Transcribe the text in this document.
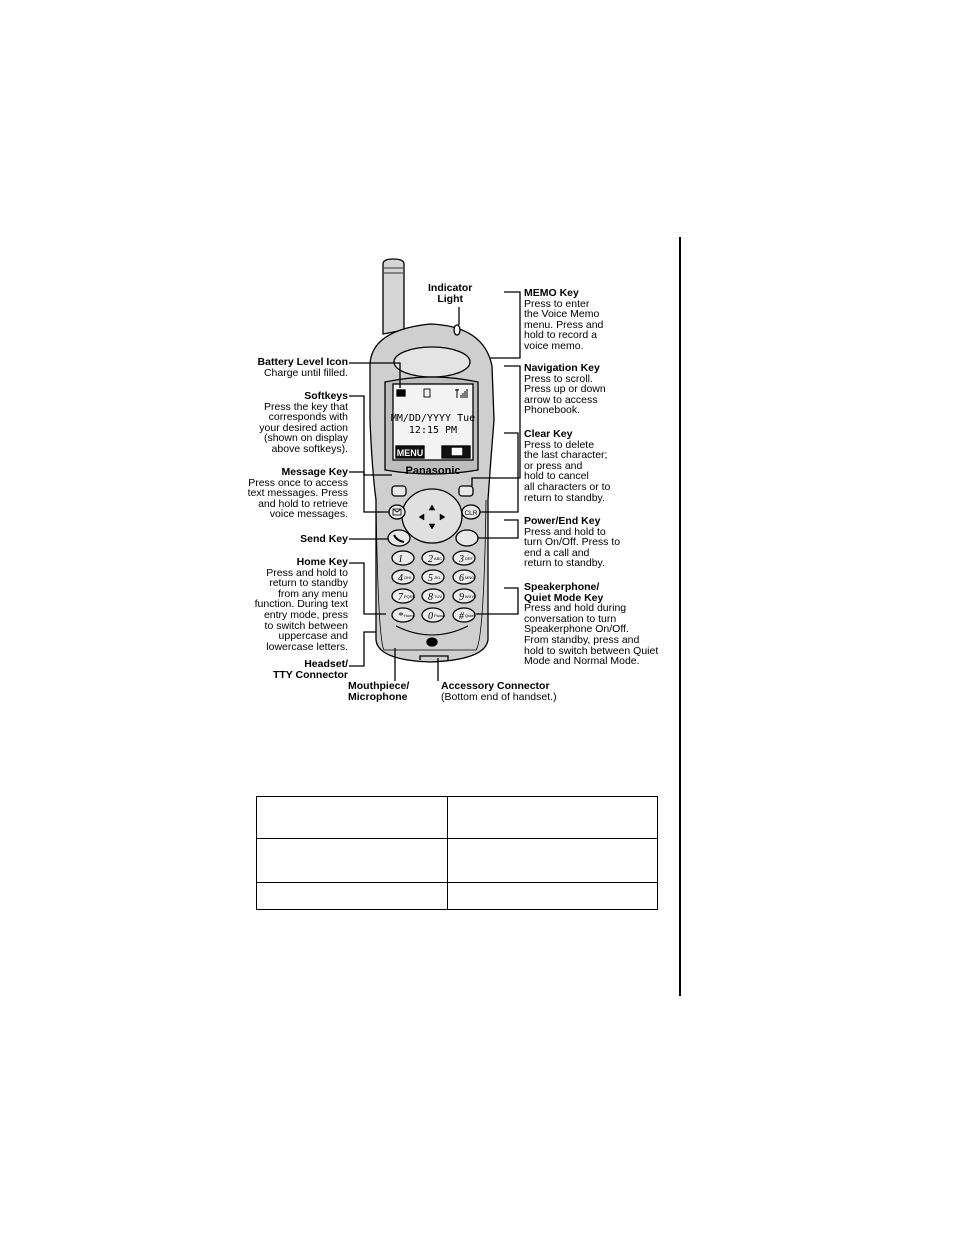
MM/DD/YYYY Tue
12:15 PM
MENU
Panasonic
CLR
1	2 ABC 3 DEF
4 GHI 5 JKL 6 MNO
7 PQRS 8 TUV 9 WXYZ
* Home 0 Pause # Quiet
Indicator
Light	MEMO Key
Press to enter
the Voice Memo
menu. Press and
hold to record a
voice memo.
Battery Level Icon
Charge until filled.
Softkeys
Press the key that
corresponds with
your desired action
(shown on display
above softkeys).
Navigation Key
Press to scroll.
Press up or down
arrow to access
Phonebook.
Clear Key
Press to delete
the last character;
or press and
hold to cancel
all characters or to
return to standby.
Message Key
Press once to access
text messages. Press
and hold to retrieve
voice messages.
Send Key
Power/End Key
Press and hold to
turn On/Off. Press to
end a call and
return to standby.
Home Key
Press and hold to
return to standby
from any menu
function. During text
entry mode, press
to switch between
uppercase and
lowercase letters.
Speakerphone/
Quiet Mode Key
Press and hold during
conversation to turn
Speakerphone On/Off.
From standby, press and
hold to switch between Quiet
Mode and Normal Mode.
Headset/
TTY Connector
Mouthpiece/
Microphone
Accessory Connector
(Bottom end of handset.)
